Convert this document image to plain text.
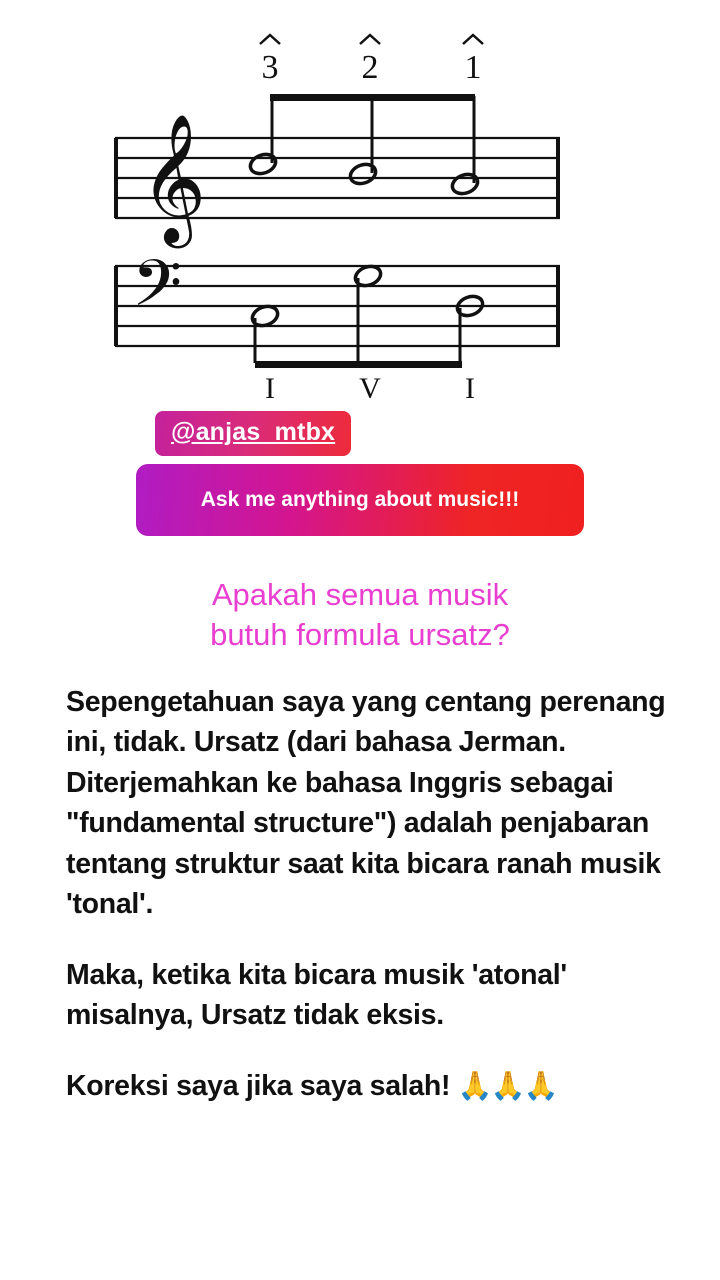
3 2	1
𝄞
𝄢
I	V	I
@anjas_mtbx
Ask me anything about music!!!
Apakah semua musik
butuh formula ursatz?

Sepengetahuan saya yang centang perenang ini, tidak. Ursatz (dari bahasa Jerman. Diterjemahkan ke bahasa Inggris sebagai "fundamental structure") adalah penjabaran tentang struktur saat kita bicara ranah musik 'tonal'.

Maka, ketika kita bicara musik 'atonal' misalnya, Ursatz tidak eksis.

Koreksi saya jika saya salah! 🙏🙏🙏
